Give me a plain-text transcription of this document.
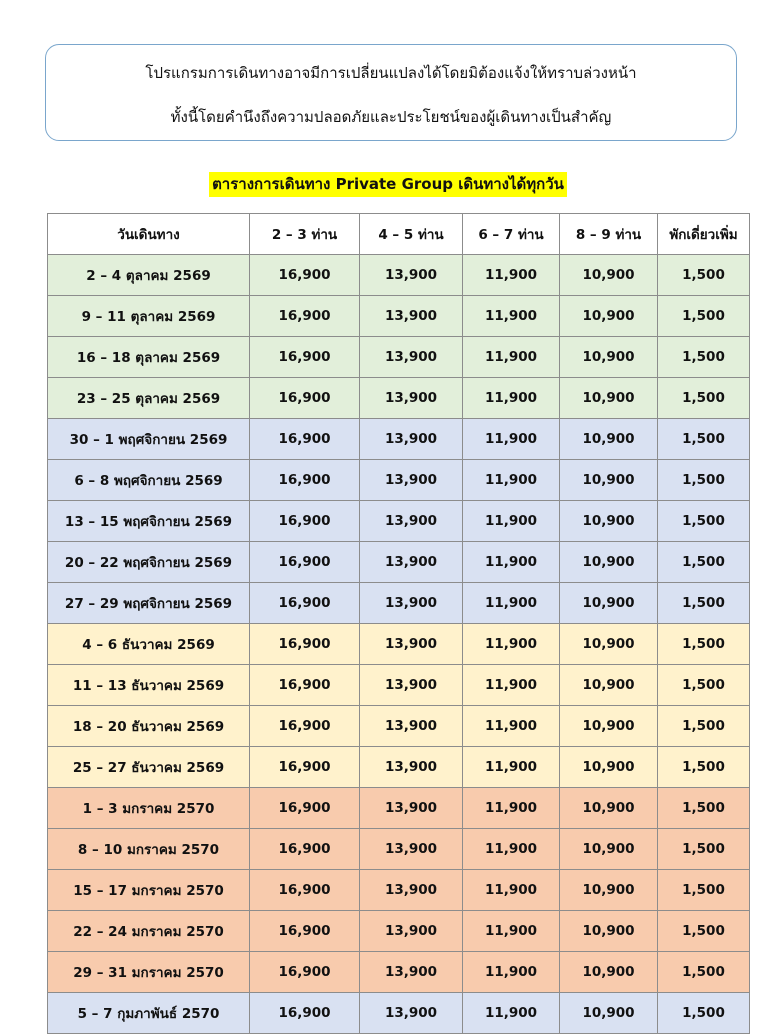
โปรแกรมการเดินทางอาจมีการเปลี่ยนแปลงได้โดยมิต้องแจ้งให้ทราบล่วงหน้า
ทั้งนี้โดยคำนึงถึงความปลอดภัยและประโยชน์ของผู้เดินทางเป็นสำคัญ
ตารางการเดินทาง Private Group เดินทางได้ทุกวัน
วันเดินทาง	2 – 3 ท่าน	4 – 5 ท่าน	6 – 7 ท่าน	8 – 9 ท่าน	พักเดี่ยวเพิ่ม
2 – 4 ตุลาคม 2569	16,900	13,900	11,900	10,900	1,500
9 – 11 ตุลาคม 2569	16,900	13,900	11,900	10,900	1,500
16 – 18 ตุลาคม 2569	16,900	13,900	11,900	10,900	1,500
23 – 25 ตุลาคม 2569	16,900	13,900	11,900	10,900	1,500
30 – 1 พฤศจิกายน 2569	16,900	13,900	11,900	10,900	1,500
6 – 8 พฤศจิกายน 2569	16,900	13,900	11,900	10,900	1,500
13 – 15 พฤศจิกายน 2569	16,900	13,900	11,900	10,900	1,500
20 – 22 พฤศจิกายน 2569	16,900	13,900	11,900	10,900	1,500
27 – 29 พฤศจิกายน 2569	16,900	13,900	11,900	10,900	1,500
4 – 6 ธันวาคม 2569	16,900	13,900	11,900	10,900	1,500
11 – 13 ธันวาคม 2569	16,900	13,900	11,900	10,900	1,500
18 – 20 ธันวาคม 2569	16,900	13,900	11,900	10,900	1,500
25 – 27 ธันวาคม 2569	16,900	13,900	11,900	10,900	1,500
1 – 3 มกราคม 2570	16,900	13,900	11,900	10,900	1,500
8 – 10 มกราคม 2570	16,900	13,900	11,900	10,900	1,500
15 – 17 มกราคม 2570	16,900	13,900	11,900	10,900	1,500
22 – 24 มกราคม 2570	16,900	13,900	11,900	10,900	1,500
29 – 31 มกราคม 2570	16,900	13,900	11,900	10,900	1,500
5 – 7 กุมภาพันธ์ 2570	16,900	13,900	11,900	10,900	1,500
